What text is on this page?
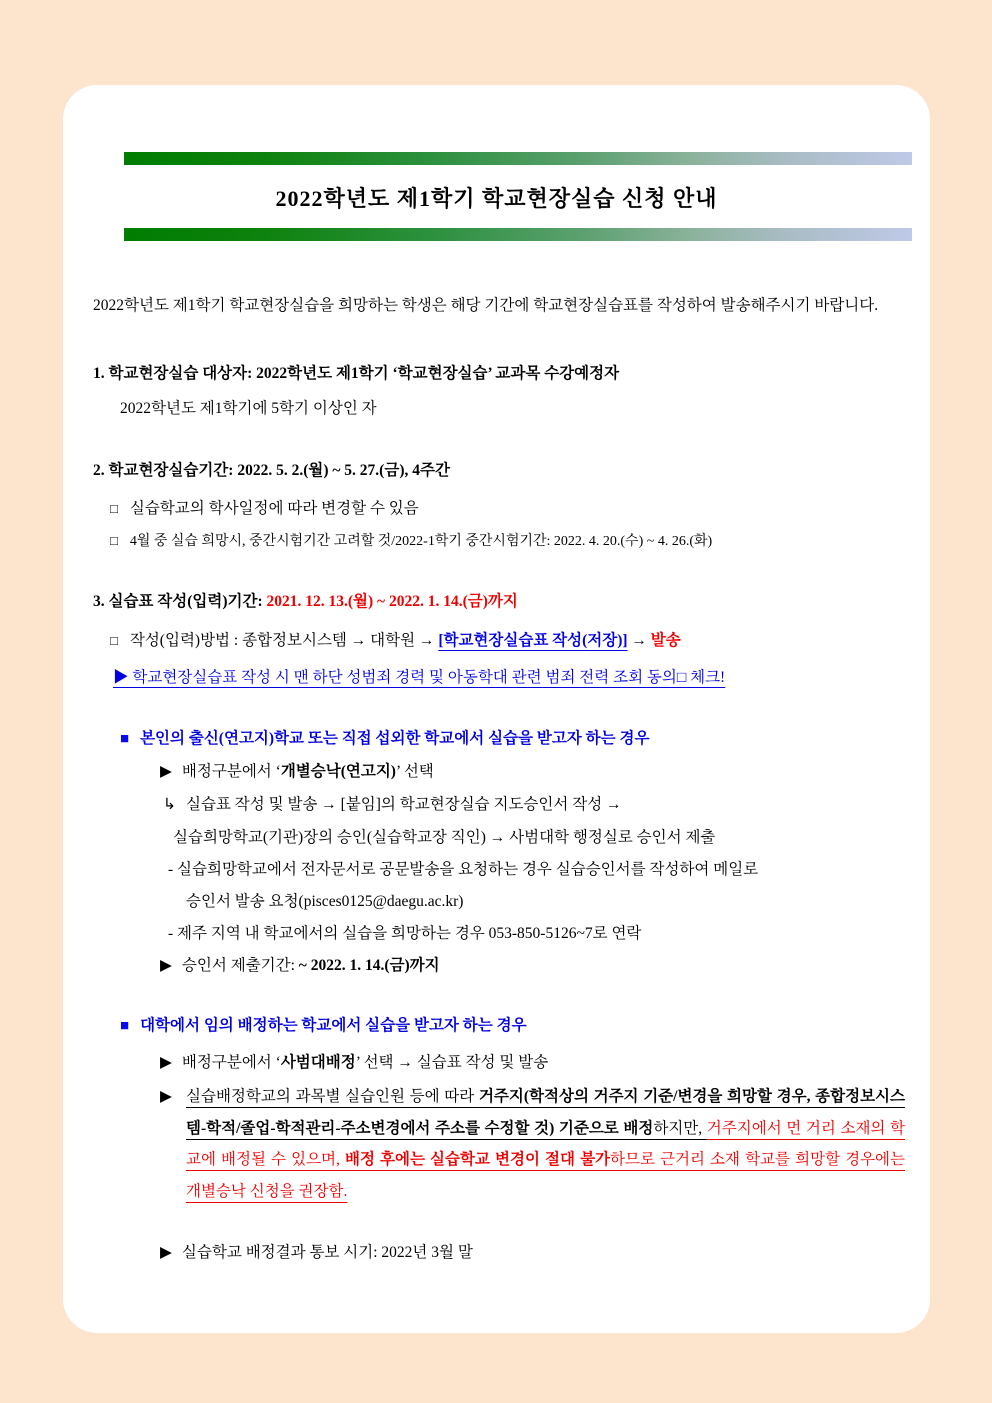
2022학년도 제1학기 학교현장실습 신청 안내

2022학년도 제1학기 학교현장실습을 희망하는 학생은 해당 기간에 학교현장실습표를 작성하여 발송해주시기 바랍니다.

1. 학교현장실습 대상자: 2022학년도 제1학기 ‘학교현장실습’ 교과목 수강예정자
2022학년도 제1학기에 5학기 이상인 자
2. 학교현장실습기간: 2022. 5. 2.(월) ~ 5. 27.(금), 4주간
□ 실습학교의 학사일정에 따라 변경할 수 있음
□ 4월 중 실습 희망시, 중간시험기간 고려할 것/2022-1학기 중간시험기간: 2022. 4. 20.(수) ~ 4. 26.(화)
3. 실습표 작성(입력)기간: 2021. 12. 13.(월) ~ 2022. 1. 14.(금)까지
□ 작성(입력)방법 : 종합정보시스템 → 대학원 → [학교현장실습표 작성(저장)] → 발송
▶ 학교현장실습표 작성 시 맨 하단 성범죄 경력 및 아동학대 관련 범죄 전력 조회 동의□ 체크!
■ 본인의 출신(연고지)학교 또는 직접 섭외한 학교에서 실습을 받고자 하는 경우
▶ 배정구분에서 ‘개별승낙(연고지)’ 선택
↳ 실습표 작성 및 발송 → [붙임]의 학교현장실습 지도승인서 작성 →
실습희망학교(기관)장의 승인(실습학교장 직인) → 사범대학 행정실로 승인서 제출
- 실습희망학교에서 전자문서로 공문발송을 요청하는 경우 실습승인서를 작성하여 메일로
승인서 발송 요청(pisces0125@daegu.ac.kr)
- 제주 지역 내 학교에서의 실습을 희망하는 경우 053-850-5126~7로 연락
▶ 승인서 제출기간: ~ 2022. 1. 14.(금)까지
■ 대학에서 임의 배정하는 학교에서 실습을 받고자 하는 경우
▶ 배정구분에서 ‘사범대배정’ 선택 → 실습표 작성 및 발송
▶ 실습배정학교의 과목별 실습인원 등에 따라 거주지(학적상의 거주지 기준/변경을 희망할 경우, 종합정보시스템-학적/졸업-학적관리-주소변경에서 주소를 수정할 것) 기준으로 배정하지만, 거주지에서 먼 거리 소재의 학교에 배정될 수 있으며, 배정 후에는 실습학교 변경이 절대 불가하므로 근거리 소재 학교를 희망할 경우에는 개별승낙 신청을 권장함.
▶ 실습학교 배정결과 통보 시기: 2022년 3월 말
